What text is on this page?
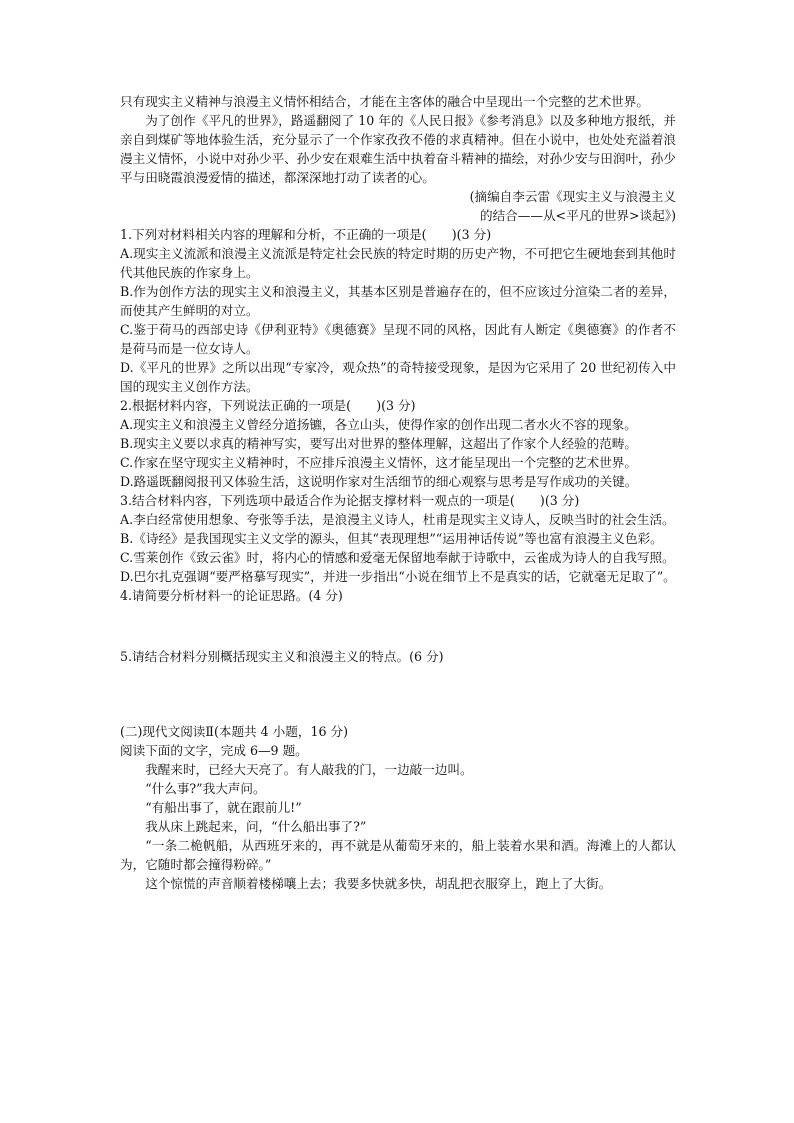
只有现实主义精神与浪漫主义情怀相结合，才能在主客体的融合中呈现出一个完整的艺术世界。

为了创作《平凡的世界》，路遥翻阅了 10 年的《人民日报》《参考消息》以及多种地方报纸，并亲自到煤矿等地体验生活，充分显示了一个作家孜孜不倦的求真精神。但在小说中，也处处充溢着浪漫主义情怀，小说中对孙少平、孙少安在艰难生活中执着奋斗精神的描绘，对孙少安与田润叶，孙少平与田晓霞浪漫爱情的描述，都深深地打动了读者的心。

(摘编自李云雷《现实主义与浪漫主义

的结合——从<平凡的世界>谈起》)

1.下列对材料相关内容的理解和分析，不正确的一项是(　　)(3 分)

A.现实主义流派和浪漫主义流派是特定社会民族的特定时期的历史产物，不可把它生硬地套到其他时代其他民族的作家身上。

B.作为创作方法的现实主义和浪漫主义，其基本区别是普遍存在的，但不应该过分渲染二者的差异，而使其产生鲜明的对立。

C.鉴于荷马的西部史诗《伊利亚特》《奥德赛》呈现不同的风格，因此有人断定《奥德赛》的作者不是荷马而是一位女诗人。

D.《平凡的世界》之所以出现“专家冷，观众热”的奇特接受现象，是因为它采用了 20 世纪初传入中国的现实主义创作方法。

2.根据材料内容，下列说法正确的一项是(　　)(3 分)

A.现实主义和浪漫主义曾经分道扬镳，各立山头，使得作家的创作出现二者水火不容的现象。

B.现实主义要以求真的精神写实，要写出对世界的整体理解，这超出了作家个人经验的范畴。

C.作家在坚守现实主义精神时，不应排斥浪漫主义情怀，这才能呈现出一个完整的艺术世界。

D.路遥既翻阅报刊又体验生活，这说明作家对生活细节的细心观察与思考是写作成功的关键。

3.结合材料内容，下列选项中最适合作为论据支撑材料一观点的一项是(　　)(3 分)

A.李白经常使用想象、夸张等手法，是浪漫主义诗人，杜甫是现实主义诗人，反映当时的社会生活。

B.《诗经》是我国现实主义文学的源头，但其“表现理想”“运用神话传说”等也富有浪漫主义色彩。

C.雪莱创作《致云雀》时，将内心的情感和爱毫无保留地奉献于诗歌中，云雀成为诗人的自我写照。

D.巴尔扎克强调“要严格摹写现实”，并进一步指出“小说在细节上不是真实的话，它就毫无足取了”。

4.请简要分析材料一的论证思路。(4 分)

5.请结合材料分别概括现实主义和浪漫主义的特点。(6 分)

(二)现代文阅读Ⅱ(本题共 4 小题，16 分)

阅读下面的文字，完成 6—9 题。

我醒来时，已经大天亮了。有人敲我的门，一边敲一边叫。

“什么事?”我大声问。

“有船出事了，就在跟前儿!”

我从床上跳起来，问，“什么船出事了?”

“一条二桅帆船，从西班牙来的，再不就是从葡萄牙来的，船上装着水果和酒。海滩上的人都认为，它随时都会撞得粉碎。”

这个惊慌的声音顺着楼梯嚷上去；我要多快就多快，胡乱把衣服穿上，跑上了大街。
